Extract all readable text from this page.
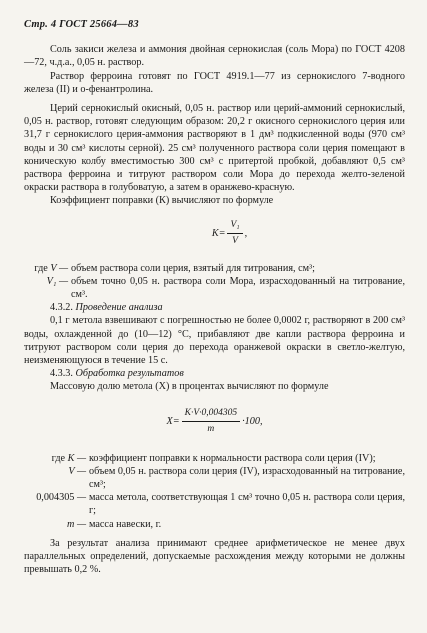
Стр. 4 ГОСТ 25664—83

Соль закиси железа и аммония двойная сернокислая (соль Мора) по ГОСТ 4208—72, ч.д.а., 0,05 н. раствор.

Раствор ферроина готовят по ГОСТ 4919.1—77 из сернокислого 7-водного железа (II) и о-фенантролина.

Церий сернокислый окисный, 0,05 н. раствор или церий-аммоний сернокислый, 0,05 н. раствор, готовят следующим образом: 20,2 г окисного сернокислого церия или 31,7 г сернокислого церия-аммония растворяют в 1 дм³ подкисленной воды (970 см³ воды и 30 см³ кислоты серной). 25 см³ полученного раствора соли церия помещают в коническую колбу вместимостью 300 см³ с притертой пробкой, добавляют 0,5 см³ раствора ферроина и титруют раствором соли Мора до перехода желто-зеленой окраски раствора в голубоватую, а затем в оранжево-красную.

Коэффициент поправки (К) вычисляют по формуле

$К= \frac{\text{V₁}}{V}$ ,
где V — объем раствора соли церия, взятый для титрования, см³;
V₁ — объем точно 0,05 н. раствора соли Мора, израсходованный на титрование, см³.

4.3.2. Проведение анализа

0,1 г метола взвешивают с погрешностью не более 0,0002 г, растворяют в 200 см³ воды, охлажденной до (10—12) °С, прибавляют две капли раствора ферроина и титруют раствором соли церия до перехода оранжевой окраски в светло-желтую, неизменяющуюся в течение 15 с.

4.3.3. Обработка результатов

Массовую долю метола (X) в процентах вычисляют по формуле

$X= \frac{K\cdot V\cdot 0,004305}{m} \cdot 100$,
где K — коэффициент поправки к нормальности раствора соли церия (IV);
V — объем 0,05 н. раствора соли церия (IV), израсходованный на титрование, см³;
0,004305 — масса метола, соответствующая 1 см³ точно 0,05 н. раствора соли церия, г;
m — масса навески, г.

За результат анализа принимают среднее арифметическое не менее двух параллельных определений, допускаемые расхождения между которыми не должны превышать 0,2 %.
